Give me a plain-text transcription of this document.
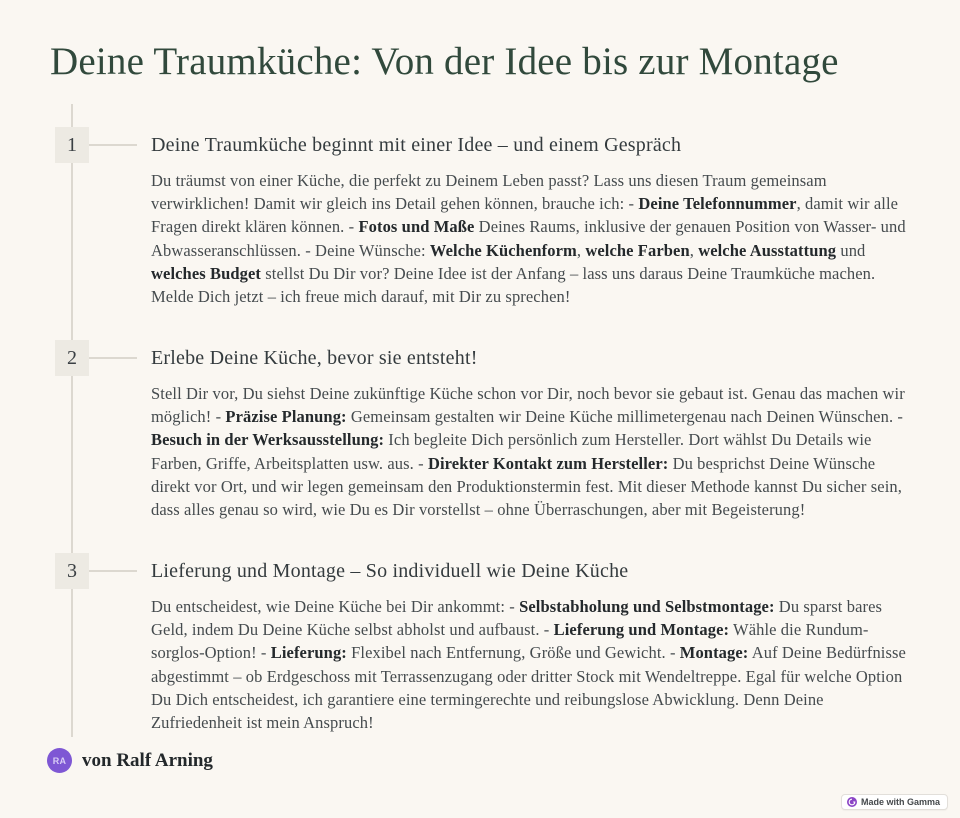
Deine Traumküche: Von der Idee bis zur Montage
1	Deine Traumküche beginnt mit einer Idee – und einem Gespräch

Du träumst von einer Küche, die perfekt zu Deinem Leben passt? Lass uns diesen Traum gemeinsam verwirklichen! Damit wir gleich ins Detail gehen können, brauche ich: - Deine Telefonnummer, damit wir alle Fragen direkt klären können. - Fotos und Maße Deines Raums, inklusive der genauen Position von Wasser- und Abwasseranschlüssen. - Deine Wünsche: Welche Küchenform, welche Farben, welche Ausstattung und welches Budget stellst Du Dir vor? Deine Idee ist der Anfang – lass uns daraus Deine Traumküche machen. Melde Dich jetzt – ich freue mich darauf, mit Dir zu sprechen!

2	Erlebe Deine Küche, bevor sie entsteht!

Stell Dir vor, Du siehst Deine zukünftige Küche schon vor Dir, noch bevor sie gebaut ist. Genau das machen wir möglich! - Präzise Planung: Gemeinsam gestalten wir Deine Küche millimetergenau nach Deinen Wünschen. - Besuch in der Werksausstellung: Ich begleite Dich persönlich zum Hersteller. Dort wählst Du Details wie Farben, Griffe, Arbeitsplatten usw. aus. - Direkter Kontakt zum Hersteller: Du besprichst Deine Wünsche direkt vor Ort, und wir legen gemeinsam den Produktionstermin fest. Mit dieser Methode kannst Du sicher sein, dass alles genau so wird, wie Du es Dir vorstellst – ohne Überraschungen, aber mit Begeisterung!

3	Lieferung und Montage – So individuell wie Deine Küche

Du entscheidest, wie Deine Küche bei Dir ankommt: - Selbstabholung und Selbstmontage: Du sparst bares Geld, indem Du Deine Küche selbst abholst und aufbaust. - Lieferung und Montage: Wähle die Rundum-sorglos-Option! - Lieferung: Flexibel nach Entfernung, Größe und Gewicht. - Montage: Auf Deine Bedürfnisse abgestimmt – ob Erdgeschoss mit Terrassenzugang oder dritter Stock mit Wendeltreppe. Egal für welche Option Du Dich entscheidest, ich garantiere eine termingerechte und reibungslose Abwicklung. Denn Deine Zufriedenheit ist mein Anspruch!

RA von Ralf Arning
Made with Gamma
